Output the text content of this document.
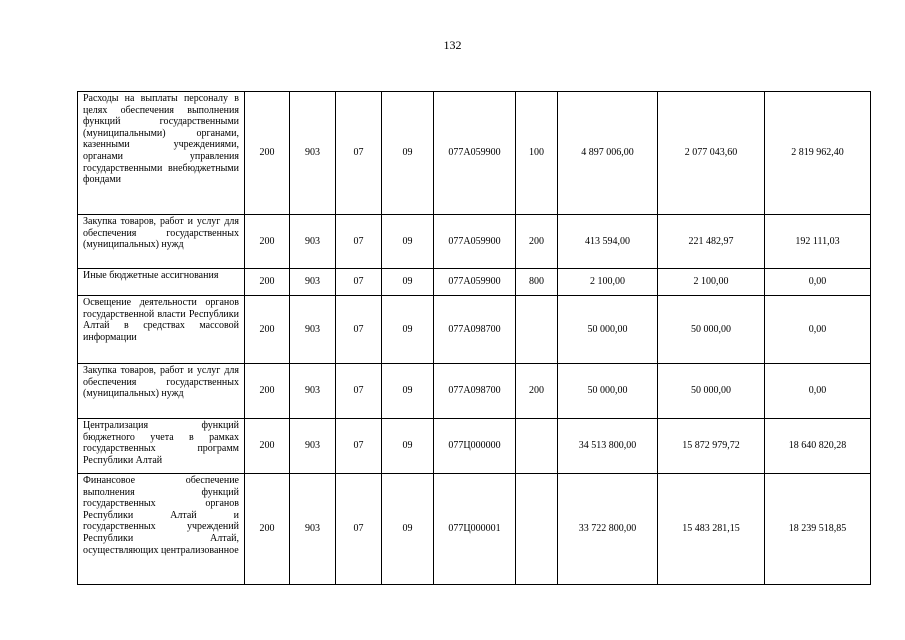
132
Расходы на выплаты персоналу в целях обеспечения выполнения функций государственными (муниципальными) органами, казенными учреждениями, органами управления государственными внебюджетными фондами	200	903	07	09	077А059900	100	4 897 006,00	2 077 043,60	2 819 962,40
Закупка товаров, работ и услуг для обеспечения государственных (муниципальных) нужд	200	903	07	09	077А059900	200	413 594,00	221 482,97	192 111,03
Иные бюджетные ассигнования	200	903	07	09	077А059900	800	2 100,00	2 100,00	0,00
Освещение деятельности органов государственной власти Республики Алтай в средствах массовой информации	200	903	07	09	077А098700		50 000,00	50 000,00	0,00
Закупка товаров, работ и услуг для обеспечения государственных (муниципальных) нужд	200	903	07	09	077А098700	200	50 000,00	50 000,00	0,00
Централизация функций бюджетного учета в рамках государственных программ Республики Алтай	200	903	07	09	077Ц000000		34 513 800,00	15 872 979,72	18 640 820,28
Финансовое обеспечение выполнения функций государственных органов Республики Алтай и государственных учреждений Республики Алтай, осуществляющих централизованное	200	903	07	09	077Ц000001		33 722 800,00	15 483 281,15	18 239 518,85
